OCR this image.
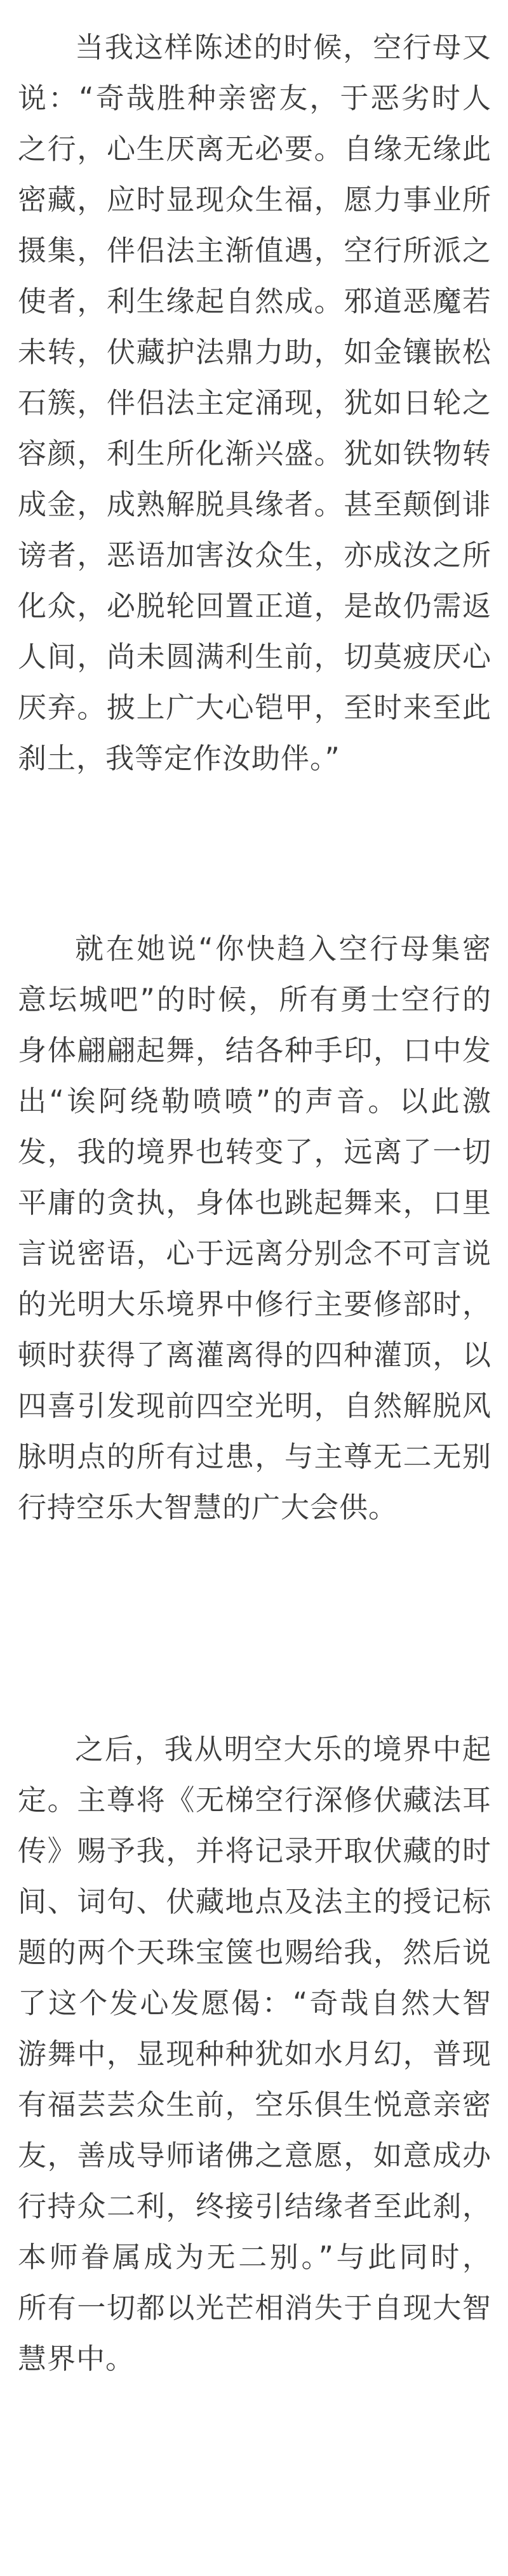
当我这样陈述的时候，空行母又说：“奇哉胜种亲密友，于恶劣时人之行，心生厌离无必要。自缘无缘此密藏，应时显现众生福，愿力事业所摄集，伴侣法主渐值遇，空行所派之使者，利生缘起自然成。邪道恶魔若未转，伏藏护法鼎力助，如金镶嵌松石簇，伴侣法主定涌现，犹如日轮之容颜，利生所化渐兴盛。犹如铁物转成金，成熟解脱具缘者。甚至颠倒诽谤者，恶语加害汝众生，亦成汝之所化众，必脱轮回置正道，是故仍需返人间，尚未圆满利生前，切莫疲厌心厌弃。披上广大心铠甲，至时来至此刹土，我等定作汝助伴。”

就在她说“你快趋入空行母集密意坛城吧”的时候，所有勇士空行的身体翩翩起舞，结各种手印，口中发出“诶阿绕勒喷喷”的声音。以此激发，我的境界也转变了，远离了一切平庸的贪执，身体也跳起舞来，口里言说密语，心于远离分别念不可言说的光明大乐境界中修行主要修部时，顿时获得了离灌离得的四种灌顶，以四喜引发现前四空光明，自然解脱风脉明点的所有过患，与主尊无二无别行持空乐大智慧的广大会供。

之后，我从明空大乐的境界中起定。主尊将《无梯空行深修伏藏法耳传》赐予我，并将记录开取伏藏的时间、词句、伏藏地点及法主的授记标题的两个天珠宝箧也赐给我，然后说了这个发心发愿偈：“奇哉自然大智游舞中，显现种种犹如水月幻，普现有福芸芸众生前，空乐俱生悦意亲密友，善成导师诸佛之意愿，如意成办行持众二利，终接引结缘者至此刹，本师眷属成为无二别。”与此同时， 所有一切都以光芒相消失于自现大智慧界中。
